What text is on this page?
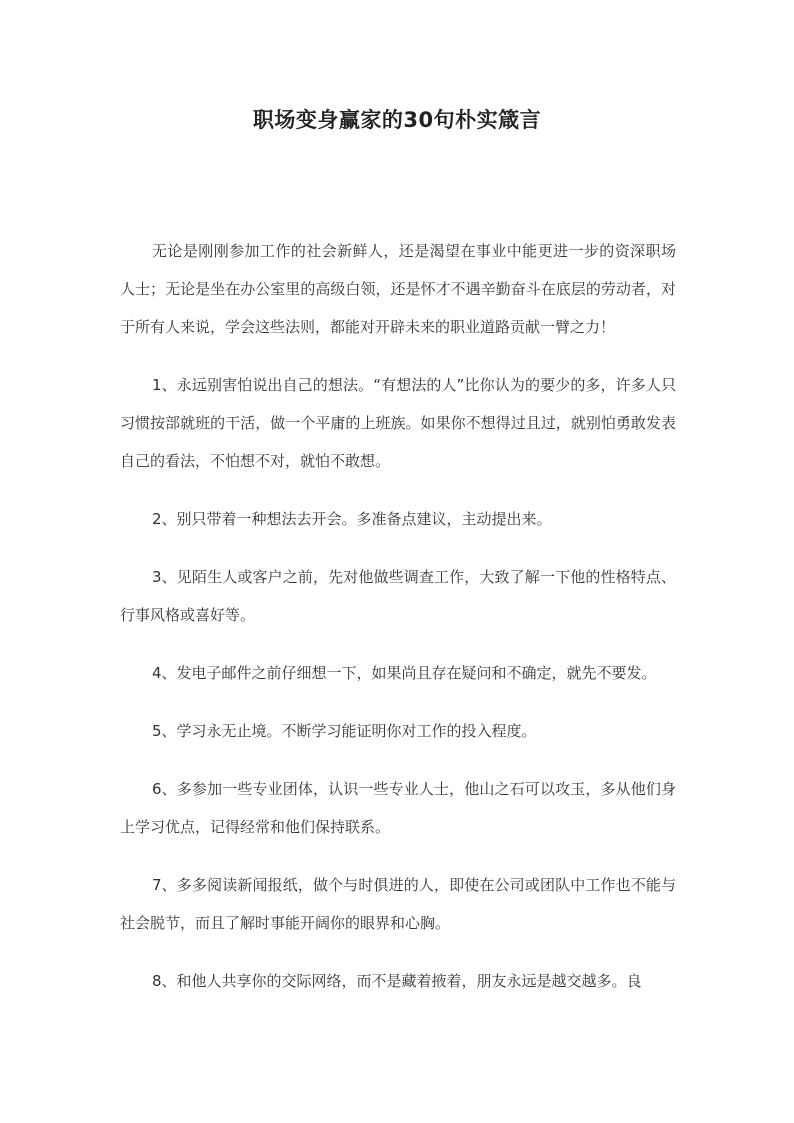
职场变身赢家的30句朴实箴言

无论是刚刚参加工作的社会新鲜人，还是渴望在事业中能更进一步的资深职场人士；无论是坐在办公室里的高级白领，还是怀才不遇辛勤奋斗在底层的劳动者，对于所有人来说，学会这些法则，都能对开辟未来的职业道路贡献一臂之力！

1、永远别害怕说出自己的想法。“有想法的人”比你认为的要少的多，许多人只习惯按部就班的干活，做一个平庸的上班族。如果你不想得过且过，就别怕勇敢发表自己的看法，不怕想不对，就怕不敢想。

2、别只带着一种想法去开会。多准备点建议，主动提出来。

3、见陌生人或客户之前，先对他做些调查工作，大致了解一下他的性格特点、行事风格或喜好等。

4、发电子邮件之前仔细想一下，如果尚且存在疑问和不确定，就先不要发。

5、学习永无止境。不断学习能证明你对工作的投入程度。

6、多参加一些专业团体，认识一些专业人士，他山之石可以攻玉，多从他们身上学习优点，记得经常和他们保持联系。

7、多多阅读新闻报纸，做个与时俱进的人，即使在公司或团队中工作也不能与社会脱节，而且了解时事能开阔你的眼界和心胸。

8、和他人共享你的交际网络，而不是藏着掖着，朋友永远是越交越多。良
